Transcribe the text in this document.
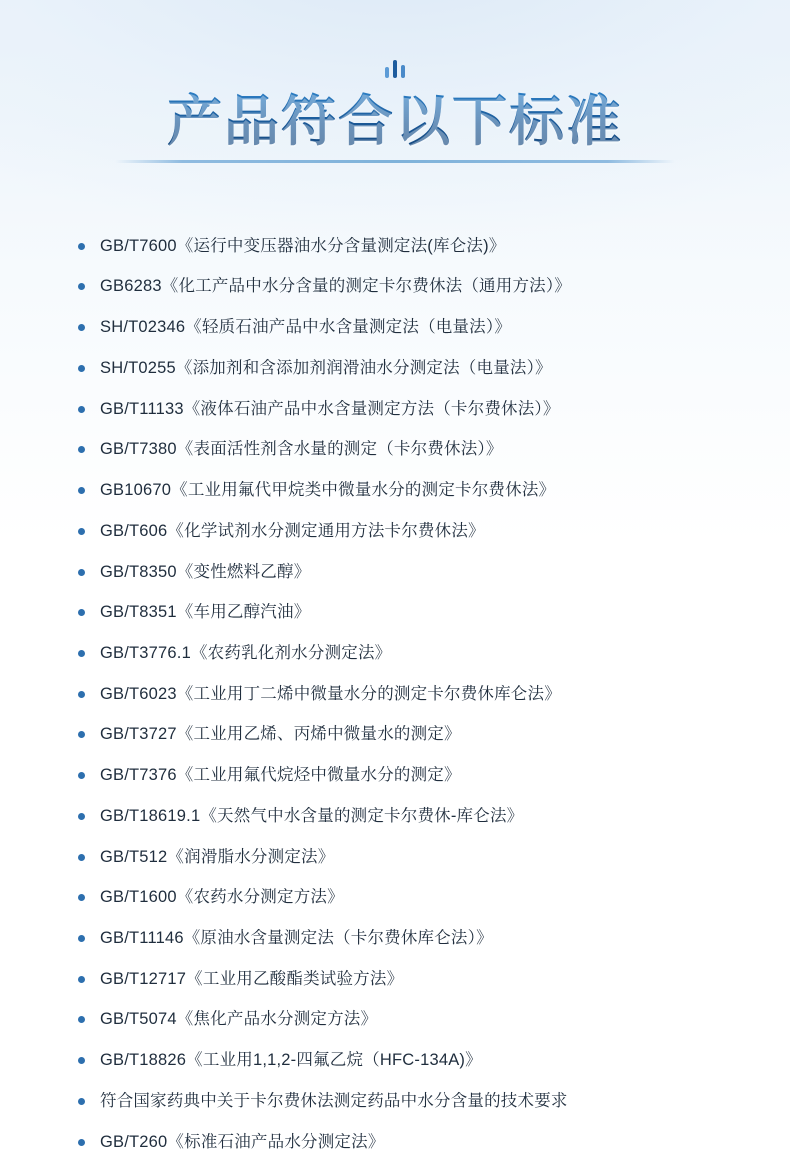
产品符合以下标准
GB/T7600《运行中变压器油水分含量测定法(库仑法)》
GB6283《化工产品中水分含量的测定卡尔费休法（通用方法）》
SH/T02346《轻质石油产品中水含量测定法（电量法）》
SH/T0255《添加剂和含添加剂润滑油水分测定法（电量法）》
GB/T11133《液体石油产品中水含量测定方法（卡尔费休法）》
GB/T7380《表面活性剂含水量的测定（卡尔费休法）》
GB10670《工业用氟代甲烷类中微量水分的测定卡尔费休法》
GB/T606《化学试剂水分测定通用方法卡尔费休法》
GB/T8350《变性燃料乙醇》
GB/T8351《车用乙醇汽油》
GB/T3776.1《农药乳化剂水分测定法》
GB/T6023《工业用丁二烯中微量水分的测定卡尔费休库仑法》
GB/T3727《工业用乙烯、丙烯中微量水的测定》
GB/T7376《工业用氟代烷烃中微量水分的测定》
GB/T18619.1《天然气中水含量的测定卡尔费休-库仑法》
GB/T512《润滑脂水分测定法》
GB/T1600《农药水分测定方法》
GB/T11146《原油水含量测定法（卡尔费休库仑法）》
GB/T12717《工业用乙酸酯类试验方法》
GB/T5074《焦化产品水分测定方法》
GB/T18826《工业用1,1,2-四氟乙烷（HFC-134A)》
符合国家药典中关于卡尔费休法测定药品中水分含量的技术要求
GB/T260《标准石油产品水分测定法》
